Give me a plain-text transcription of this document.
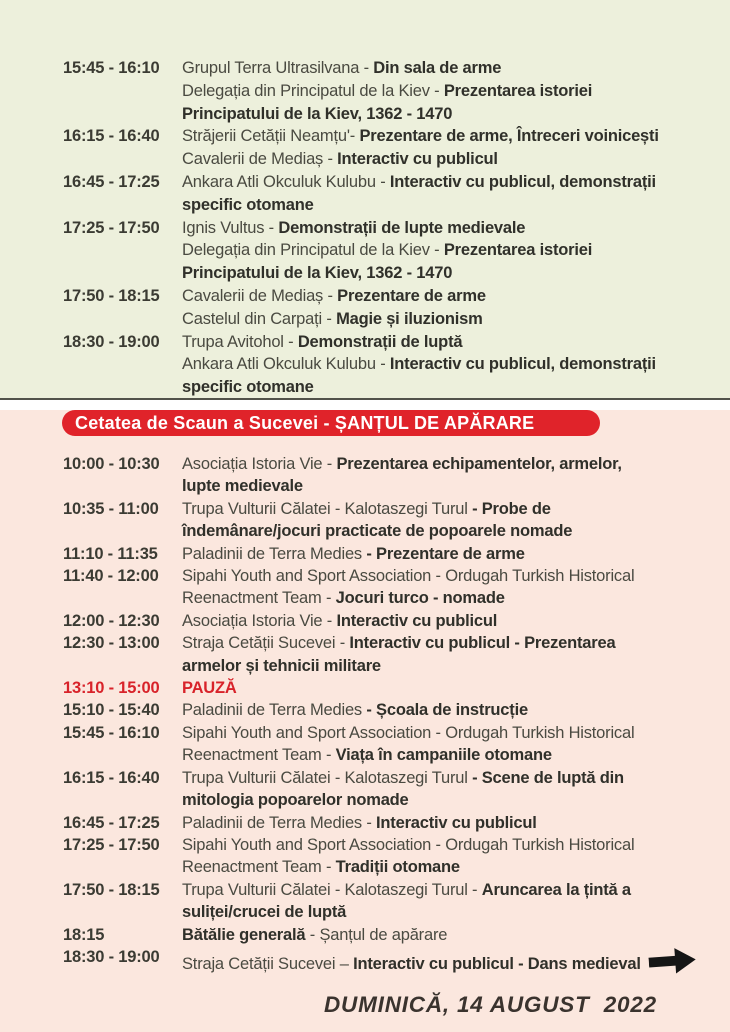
15:45 - 16:10	Grupul Terra Ultrasilvana - Din sala de arme
Delegația din Principatul de la Kiev - Prezentarea istoriei
Principatului de la Kiev, 1362 - 1470
16:15 - 16:40	Străjerii Cetății Neamțu'- Prezentare de arme, Întreceri voinicești
Cavalerii de Mediaș - Interactiv cu publicul
16:45 - 17:25	Ankara Atli Okculuk Kulubu - Interactiv cu publicul, demonstrații
specific otomane
17:25 - 17:50	Ignis Vultus - Demonstrații de lupte medievale
Delegația din Principatul de la Kiev - Prezentarea istoriei
Principatului de la Kiev, 1362 - 1470
17:50 - 18:15	Cavalerii de Mediaș - Prezentare de arme
Castelul din Carpați - Magie și iluzionism
18:30 - 19:00	Trupa Avitohol - Demonstrații de luptă
Ankara Atli Okculuk Kulubu - Interactiv cu publicul, demonstrații
specific otomane
Cetatea de Scaun a Sucevei - ȘANȚUL DE APĂRARE
10:00 - 10:30	Asociația Istoria Vie - Prezentarea echipamentelor, armelor,
lupte medievale
10:35 - 11:00	Trupa Vulturii Călatei - Kalotaszegi Turul - Probe de
îndemânare/jocuri practicate de popoarele nomade
11:10 - 11:35	Paladinii de Terra Medies - Prezentare de arme
11:40 - 12:00	Sipahi Youth and Sport Association - Ordugah Turkish Historical
Reenactment Team - Jocuri turco - nomade
12:00 - 12:30	Asociația Istoria Vie - Interactiv cu publicul
12:30 - 13:00	Straja Cetății Sucevei - Interactiv cu publicul - Prezentarea
armelor și tehnicii militare
13:10 - 15:00	PAUZĂ
15:10 - 15:40	Paladinii de Terra Medies - Școala de instrucție
15:45 - 16:10	Sipahi Youth and Sport Association - Ordugah Turkish Historical
Reenactment Team - Viața în campaniile otomane
16:15 - 16:40	Trupa Vulturii Călatei - Kalotaszegi Turul - Scene de luptă din
mitologia popoarelor nomade
16:45 - 17:25	Paladinii de Terra Medies - Interactiv cu publicul
17:25 - 17:50	Sipahi Youth and Sport Association - Ordugah Turkish Historical
Reenactment Team - Tradiții otomane
17:50 - 18:15	Trupa Vulturii Călatei - Kalotaszegi Turul - Aruncarea la țintă a
suliței/crucei de luptă
18:15	Bătălie generală - Șanțul de apărare
18:30 - 19:00	Straja Cetății Sucevei – Interactiv cu publicul - Dans medieval
DUMINICĂ, 14 AUGUST  2022
